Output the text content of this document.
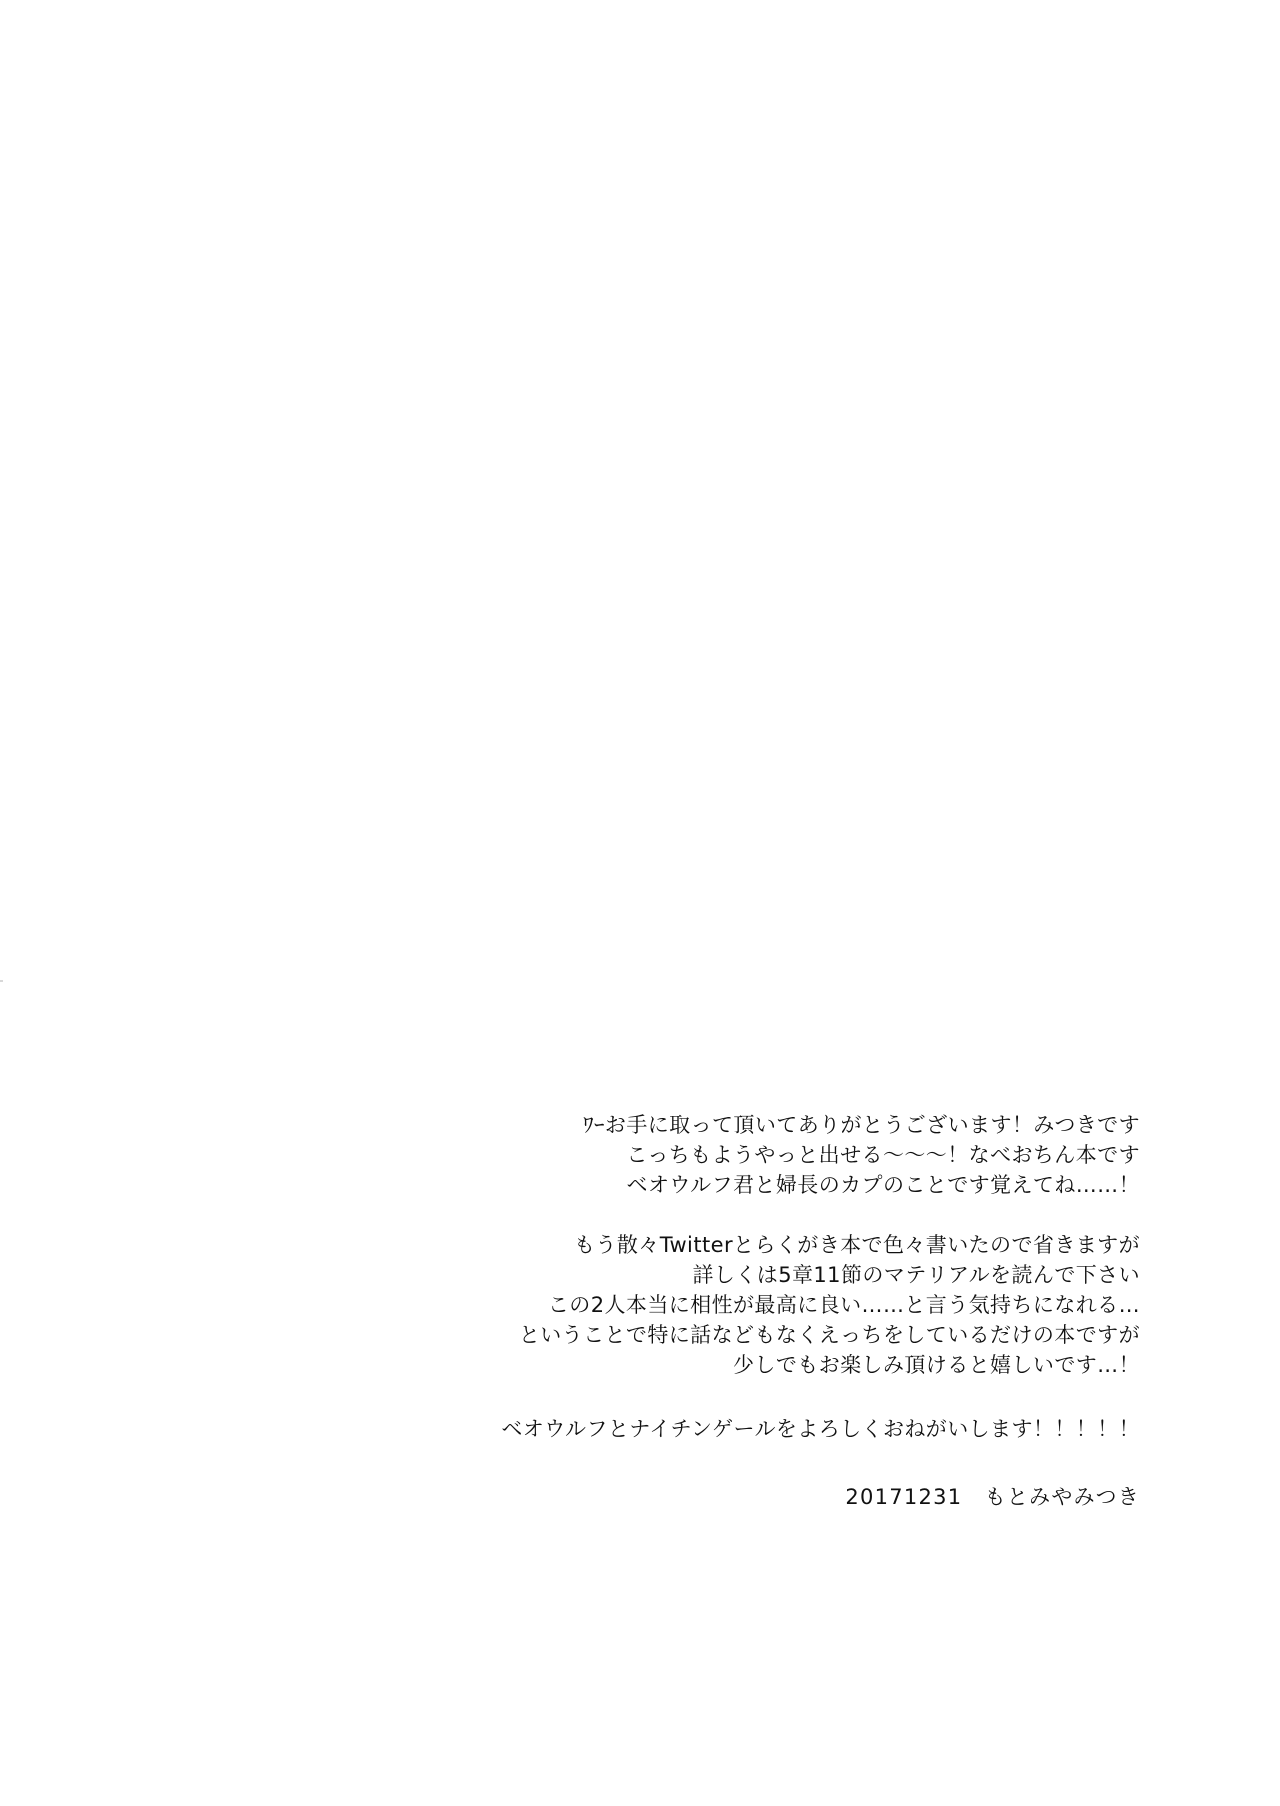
ﾜｰお手に取って頂いてありがとうございます！みつきです
こっちもようやっと出せる〜〜〜！なべおちん本です
ベオウルフ君と婦長のカプのことです覚えてね……！
もう散々Twitterとらくがき本で色々書いたので省きますが
詳しくは5章11節のマテリアルを読んで下さい
この2人本当に相性が最高に良い……と言う気持ちになれる…
ということで特に話などもなくえっちをしているだけの本ですが
少しでもお楽しみ頂けると嬉しいです…！
ベオウルフとナイチンゲールをよろしくおねがいします！！！！！
20171231　もとみやみつき
